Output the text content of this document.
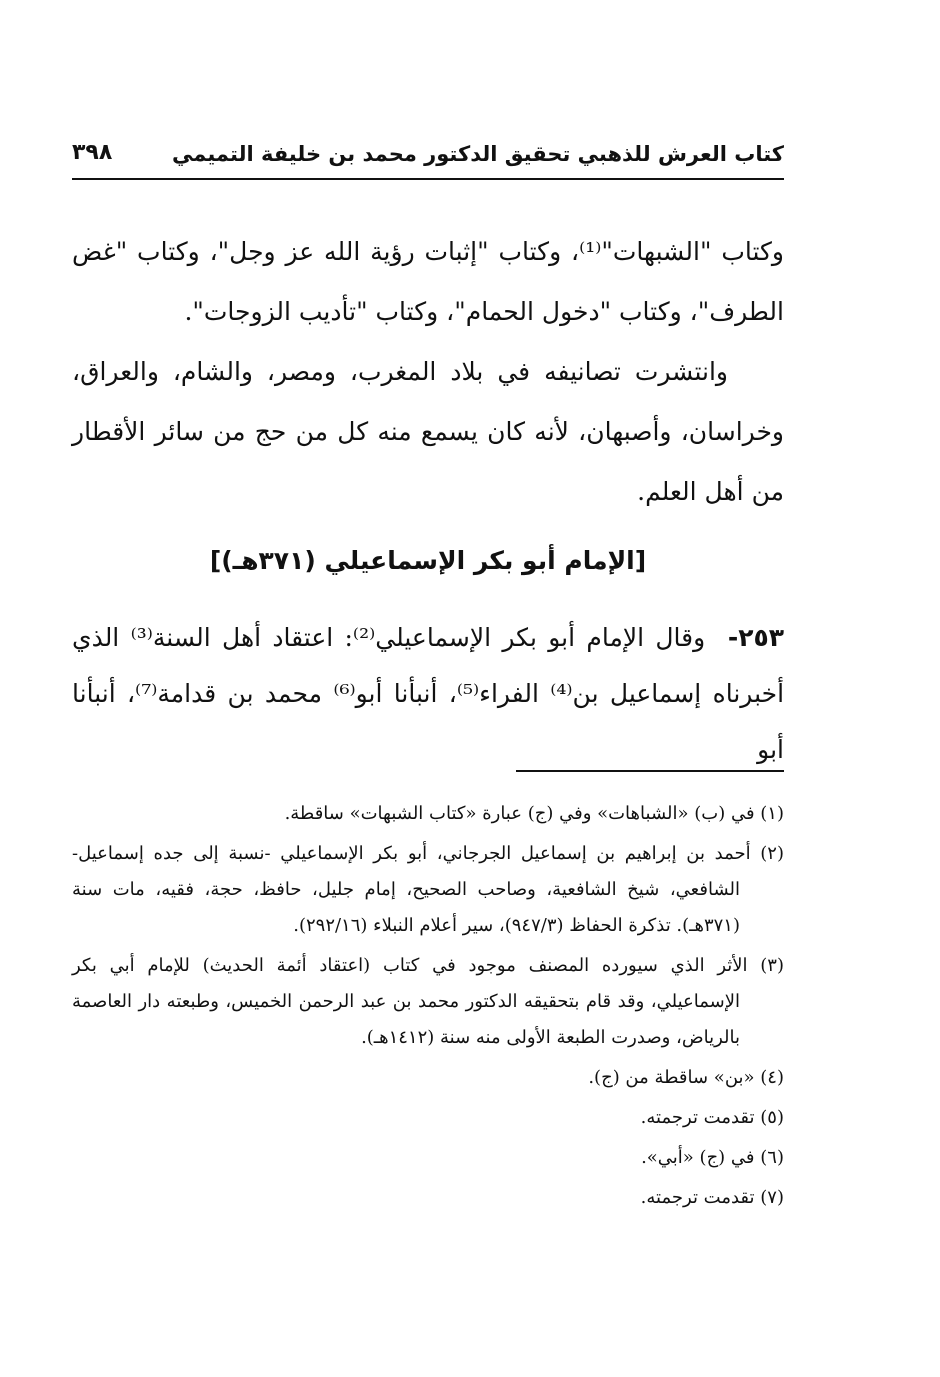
كتاب العرش للذهبي تحقيق الدكتور محمد بن خليفة التميمي
٣٩٨

وكتاب "الشبهات"⁽¹⁾، وكتاب "إثبات رؤية الله عز وجل"، وكتاب "غض الطرف"، وكتاب "دخول الحمام"، وكتاب "تأديب الزوجات".

وانتشرت تصانيفه في بلاد المغرب، ومصر، والشام، والعراق، وخراسان، وأصبهان، لأنه كان يسمع منه كل من حج من سائر الأقطار من أهل العلم.

[الإمام أبو بكر الإسماعيلي (٣٧١هـ)]

٢٥٣-  وقال الإمام أبو بكر الإسماعيلي⁽²⁾: اعتقاد أهل السنة⁽³⁾ الذي أخبرناه إسماعيل بن⁽⁴⁾ الفراء⁽⁵⁾، أنبأنا أبو⁽⁶⁾ محمد بن قدامة⁽⁷⁾، أنبأنا أبو

(١) في (ب) «الشباهات» وفي (ج) عبارة «كتاب الشبهات» ساقطة.

(٢) أحمد بن إبراهيم بن إسماعيل الجرجاني، أبو بكر الإسماعيلي -نسبة إلى جده إسماعيل- الشافعي، شيخ الشافعية، وصاحب الصحيح، إمام جليل، حافظ، حجة، فقيه، مات سنة (٣٧١هـ). تذكرة الحفاظ (٩٤٧/٣)، سير أعلام النبلاء (٢٩٢/١٦).

(٣) الأثر الذي سيورده المصنف موجود في كتاب (اعتقاد أئمة الحديث) للإمام أبي بكر الإسماعيلي، وقد قام بتحقيقه الدكتور محمد بن عبد الرحمن الخميس، وطبعته دار العاصمة بالرياض، وصدرت الطبعة الأولى منه سنة (١٤١٢هـ).

(٤) «بن» ساقطة من (ج).

(٥) تقدمت ترجمته.

(٦) في (ج) «أبي».

(٧) تقدمت ترجمته.
